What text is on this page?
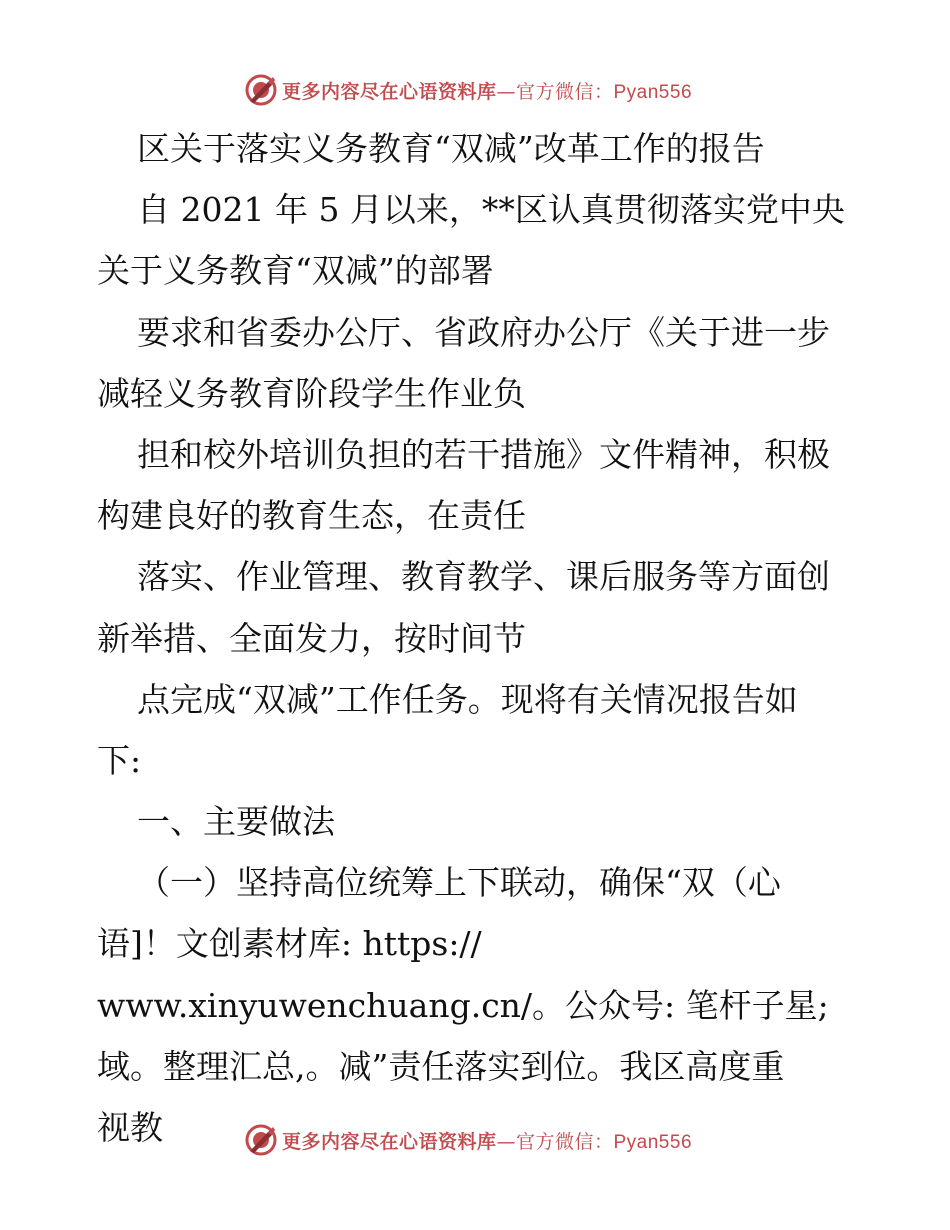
更多内容尽在心语资料库—官方微信：Pyan556
区关于落实义务教育“双减”改革工作的报告
自 2021 年 5 月以来，**区认真贯彻落实党中央
关于义务教育“双减”的部署
要求和省委办公厅、省政府办公厅《关于进一步
减轻义务教育阶段学生作业负
担和校外培训负担的若干措施》文件精神，积极
构建良好的教育生态，在责任
落实、作业管理、教育教学、课后服务等方面创
新举措、全面发力，按时间节
点完成“双减”工作任务。现将有关情况报告如
下:
一、主要做法
（一）坚持高位统筹上下联动，确保“双（心
语]！文创素材库: https://
www.xinyuwenchuang.cn/。公众号: 笔杆子星;
域。整理汇总,。减”责任落实到位。我区高度重
视教	更多内容尽在心语资料库—官方微信：Pyan556
